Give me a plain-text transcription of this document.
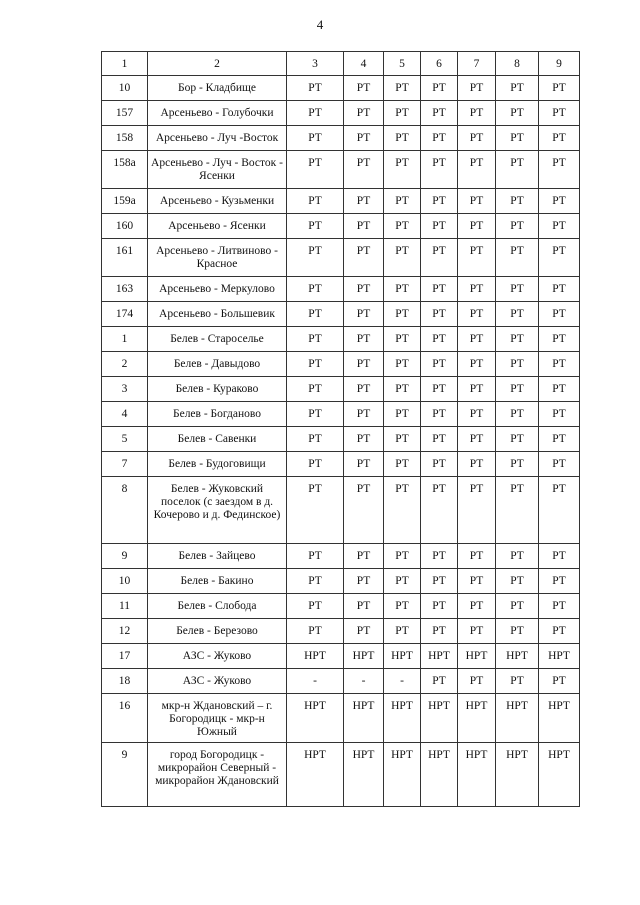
4
1	2	3	4	5	6	7	8	9
10	Бор - Кладбище	РТ	РТ	РТ	РТ	РТ	РТ	РТ
157	Арсеньево - Голубочки	РТ	РТ	РТ	РТ	РТ	РТ	РТ
158	Арсеньево - Луч -Восток	РТ	РТ	РТ	РТ	РТ	РТ	РТ
158а	Арсеньево - Луч - Восток - Ясенки	РТ	РТ	РТ	РТ	РТ	РТ	РТ
159а	Арсеньево - Кузьменки	РТ	РТ	РТ	РТ	РТ	РТ	РТ
160	Арсеньево - Ясенки	РТ	РТ	РТ	РТ	РТ	РТ	РТ
161	Арсеньево - Литвиново - Красное	РТ	РТ	РТ	РТ	РТ	РТ	РТ
163	Арсеньево - Меркулово	РТ	РТ	РТ	РТ	РТ	РТ	РТ
174	Арсеньево - Большевик	РТ	РТ	РТ	РТ	РТ	РТ	РТ
1	Белев - Староселье	РТ	РТ	РТ	РТ	РТ	РТ	РТ
2	Белев - Давыдово	РТ	РТ	РТ	РТ	РТ	РТ	РТ
3	Белев - Кураково	РТ	РТ	РТ	РТ	РТ	РТ	РТ
4	Белев - Богданово	РТ	РТ	РТ	РТ	РТ	РТ	РТ
5	Белев - Савенки	РТ	РТ	РТ	РТ	РТ	РТ	РТ
7	Белев - Будоговищи	РТ	РТ	РТ	РТ	РТ	РТ	РТ
8	Белев - Жуковский поселок (с заездом в д. Кочерово и д. Фединское)	РТ	РТ	РТ	РТ	РТ	РТ	РТ
9	Белев - Зайцево	РТ	РТ	РТ	РТ	РТ	РТ	РТ
10	Белев - Бакино	РТ	РТ	РТ	РТ	РТ	РТ	РТ
11	Белев - Слобода	РТ	РТ	РТ	РТ	РТ	РТ	РТ
12	Белев - Березово	РТ	РТ	РТ	РТ	РТ	РТ	РТ
17	АЗС - Жуково	НРТ	НРТ	НРТ	НРТ	НРТ	НРТ	НРТ
18	АЗС - Жуково	-	-	-	РТ	РТ	РТ	РТ
16	мкр-н Ждановский – г. Богородицк - мкр-н Южный	НРТ	НРТ	НРТ	НРТ	НРТ	НРТ	НРТ
9	город Богородицк - микрорайон Северный - микрорайон Ждановский	НРТ	НРТ	НРТ	НРТ	НРТ	НРТ	НРТ
